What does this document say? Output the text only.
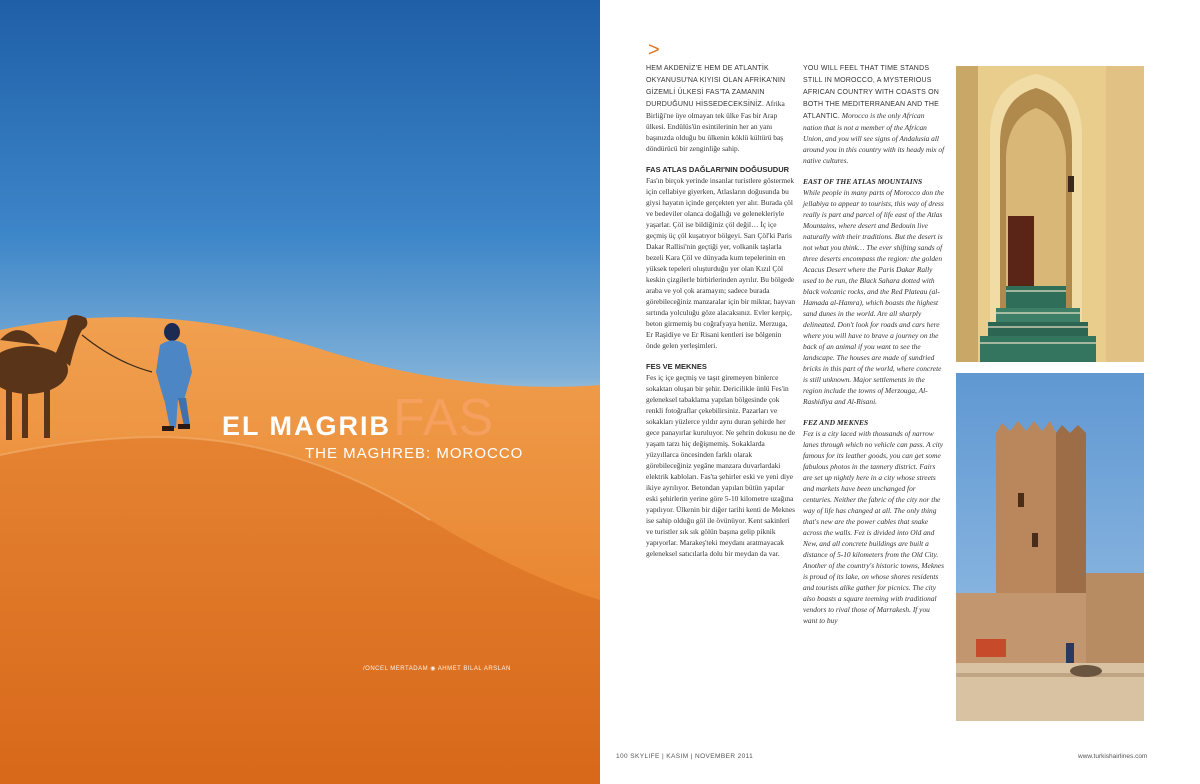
EL MAGRIBFAS
THE MAGHREB: MOROCCO
/ÖNCEL MERTADAM ◉ AHMET BİLAL ARSLAN
>

HEM AKDENİZ'E HEM DE ATLANTİK OKYANUSU'NA KIYISI OLAN AFRİKA'NIN GİZEMLİ ÜLKESİ FAS'TA ZAMANIN DURDUĞUNU HİSSEDECEKSİNİZ. Afrika Birliği'ne üye olmayan tek ülke Fas bir Arap ülkesi. Endülüs'ün esintilerinin her an yanı başınızda olduğu bu ülkenin köklü kültürü baş döndürücü bir zenginliğe sahip.

FAS ATLAS DAĞLARI'NIN DOĞUSUDUR

Fas'ın birçok yerinde insanlar turistlere göstermek için cellabiye giyerken, Atlasların doğusunda bu giysi hayatın içinde gerçekten yer alır. Burada çöl ve bedeviler olanca doğallığı ve gelenekleriyle yaşarlar. Çöl ise bildiğiniz çöl değil… İç içe geçmiş üç çöl kuşatıyor bölgeyi. Sarı Çöl'ki Paris Dakar Rallisi'nin geçtiği yer, volkanik taşlarla bezeli Kara Çöl ve dünyada kum tepelerinin en yüksek tepeleri oluşturduğu yer olan Kızıl Çöl keskin çizgilerle birbirlerinden ayrılır. Bu bölgede araba ve yol çok aramayın; sadece burada görebileceğiniz manzaralar için bir miktar, hayvan sırtında yolculuğu göze alacaksınız. Evler kerpiç, beton girmemiş bu coğrafyaya henüz. Merzuga, Er Raşidiye ve Er Risani kentleri ise bölgenin önde gelen yerleşimleri.

FES VE MEKNES

Fes iç içe geçmiş ve taşıt giremeyen binlerce sokaktan oluşan bir şehir. Dericilikle ünlü Fes'in geleneksel tabaklama yapılan bölgesinde çok renkli fotoğraflar çekebilirsiniz. Pazarları ve sokakları yüzlerce yıldır aynı duran şehirde her gece panayırlar kuruluyor. Ne şehrin dokusu ne de yaşam tarzı hiç değişmemiş. Sokaklarda yüzyıllarca öncesinden farklı olarak görebileceğiniz yegâne manzara duvarlardaki elektrik kabloları. Fas'ta şehirler eski ve yeni diye ikiye ayrılıyor. Betondan yapılan bütün yapılar eski şehirlerin yerine göre 5-10 kilometre uzağına yapılıyor. Ülkenin bir diğer tarihi kenti de Meknes ise sahip olduğu göl ile övünüyor. Kent sakinleri ve turistler sık sık gölün başına gelip piknik yapıyorlar. Marakeş'teki meydanı aratmayacak geleneksel satıcılarla dolu bir meydan da var.

YOU WILL FEEL THAT TIME STANDS STILL IN MOROCCO, A MYSTERIOUS AFRICAN COUNTRY WITH COASTS ON BOTH THE MEDITERRANEAN AND THE ATLANTIC. Morocco is the only African nation that is not a member of the African Union, and you will see signs of Andalusia all around you in this country with its heady mix of native cultures.

EAST OF THE ATLAS MOUNTAINS

While people in many parts of Morocco don the jellabiya to appear to tourists, this way of dress really is part and parcel of life east of the Atlas Mountains, where desert and Bedouin live naturally with their traditions. But the desert is not what you think… The ever shifting sands of three deserts encompass the region: the golden Acacus Desert where the Paris Dakar Rally used to be run, the Black Sahara dotted with black volcanic rocks, and the Red Plateau (al-Hamada al-Hamra), which boasts the highest sand dunes in the world. Are all sharply delineated. Don't look for roads and cars here where you will have to brave a journey on the back of an animal if you want to see the landscape. The houses are made of sundried bricks in this part of the world, where concrete is still unknown. Major settlements in the region include the towns of Merzouga, Al-Rashidiya and Al-Risani.

FEZ AND MEKNES

Fez is a city laced with thousands of narrow lanes through which no vehicle can pass. A city famous for its leather goods, you can get some fabulous photos in the tannery district. Fairs are set up nightly here in a city whose streets and markets have been unchanged for centuries. Neither the fabric of the city nor the way of life has changed at all. The only thing that's new are the power cables that snake across the walls. Fez is divided into Old and New, and all concrete buildings are built a distance of 5-10 kilometers from the Old City. Another of the country's historic towns, Meknes is proud of its lake, on whose shores residents and tourists alike gather for picnics. The city also boasts a square teeming with traditional vendors to rival those of Marrakesh. If you want to buy

100 SKYLIFE | KASIM | NOVEMBER 2011	www.turkishairlines.com
